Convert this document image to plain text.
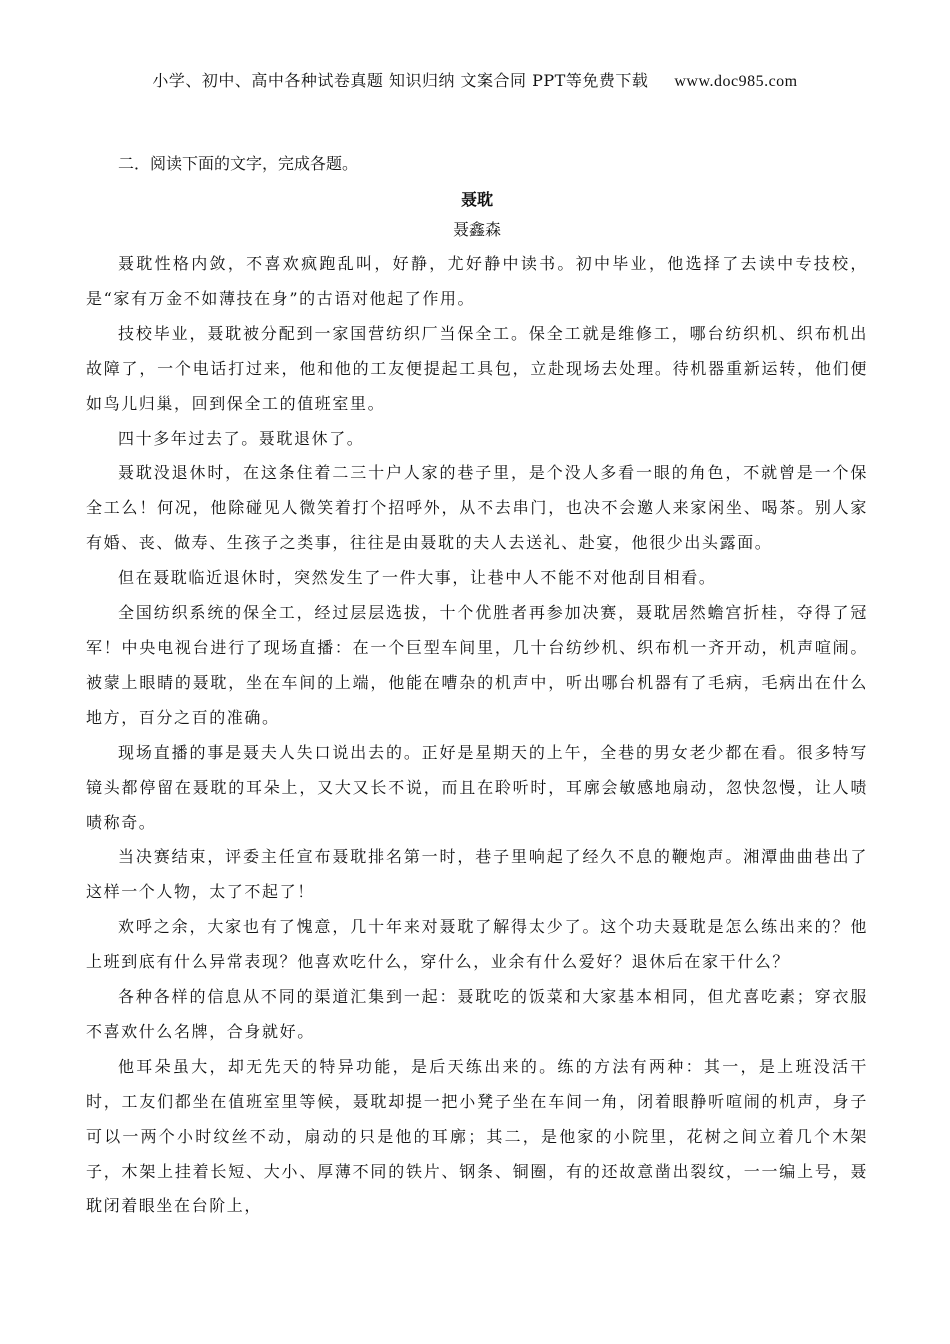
小学、初中、高中各种试卷真题 知识归纳 文案合同 PPT等免费下载 www.doc985.com
二．阅读下面的文字，完成各题。
聂耽
聂鑫森

聂耽性格内敛，不喜欢疯跑乱叫，好静，尤好静中读书。初中毕业，他选择了去读中专技校，是“家有万金不如薄技在身”的古语对他起了作用。

技校毕业，聂耽被分配到一家国营纺织厂当保全工。保全工就是维修工，哪台纺织机、织布机出故障了，一个电话打过来，他和他的工友便提起工具包，立赴现场去处理。待机器重新运转，他们便如鸟儿归巢，回到保全工的值班室里。

四十多年过去了。聂耽退休了。

聂耽没退休时，在这条住着二三十户人家的巷子里，是个没人多看一眼的角色，不就曾是一个保全工么！何况，他除碰见人微笑着打个招呼外，从不去串门，也决不会邀人来家闲坐、喝茶。别人家有婚、丧、做寿、生孩子之类事，往往是由聂耽的夫人去送礼、赴宴，他很少出头露面。

但在聂耽临近退休时，突然发生了一件大事，让巷中人不能不对他刮目相看。

全国纺织系统的保全工，经过层层选拔，十个优胜者再参加决赛，聂耽居然蟾宫折桂，夺得了冠军！中央电视台进行了现场直播：在一个巨型车间里，几十台纺纱机、织布机一齐开动，机声喧闹。被蒙上眼睛的聂耽，坐在车间的上端，他能在嘈杂的机声中，听出哪台机器有了毛病，毛病出在什么地方，百分之百的准确。

现场直播的事是聂夫人失口说出去的。正好是星期天的上午，全巷的男女老少都在看。很多特写镜头都停留在聂耽的耳朵上，又大又长不说，而且在聆听时，耳廓会敏感地扇动，忽快忽慢，让人啧啧称奇。

当决赛结束，评委主任宣布聂耽排名第一时，巷子里响起了经久不息的鞭炮声。湘潭曲曲巷出了这样一个人物，太了不起了！

欢呼之余，大家也有了愧意，几十年来对聂耽了解得太少了。这个功夫聂耽是怎么练出来的？他上班到底有什么异常表现？他喜欢吃什么，穿什么，业余有什么爱好？退休后在家干什么？

各种各样的信息从不同的渠道汇集到一起：聂耽吃的饭菜和大家基本相同，但尤喜吃素；穿衣服不喜欢什么名牌，合身就好。

他耳朵虽大，却无先天的特异功能，是后天练出来的。练的方法有两种：其一，是上班没活干时，工友们都坐在值班室里等候，聂耽却提一把小凳子坐在车间一角，闭着眼静听喧闹的机声，身子可以一两个小时纹丝不动，扇动的只是他的耳廓；其二，是他家的小院里，花树之间立着几个木架子，木架上挂着长短、大小、厚薄不同的铁片、钢条、铜圈，有的还故意凿出裂纹，一一编上号，聂耽闭着眼坐在台阶上，
